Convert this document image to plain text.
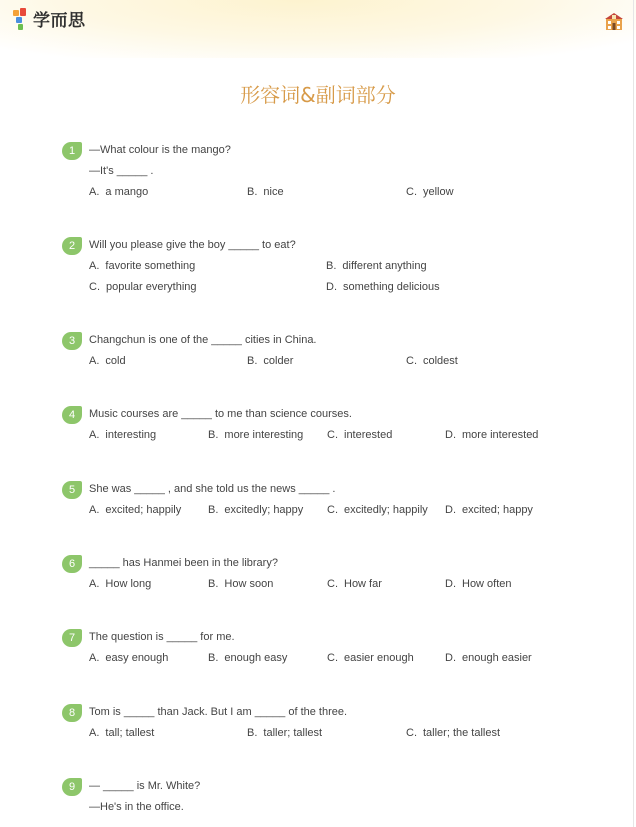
学而思
形容词&副词部分
1	—What colour is the mango?
—It's _____ .
A. a mango	B. nice	C. yellow
2	Will you please give the boy _____ to eat?
A. favorite something	B. different anything
C. popular everything	D. something delicious
3	Changchun is one of the _____ cities in China.
A. cold	B. colder	C. coldest
4	Music courses are _____ to me than science courses.
A. interesting	B. more interesting C. interested	D. more interested
5	She was _____ , and she told us the news _____ .
A. excited; happily B. excitedly; happy C. excitedly; happily D. excited; happy
6	_____ has Hanmei been in the library?
A. How long	B. How soon	C. How far	D. How often
7	The question is _____ for me.
A. easy enough	B. enough easy	C. easier enough	D. enough easier
8	Tom is _____ than Jack. But I am _____ of the three.
A. tall; tallest	B. taller; tallest	C. taller; the tallest
9	— _____ is Mr. White?
—He's in the office.
